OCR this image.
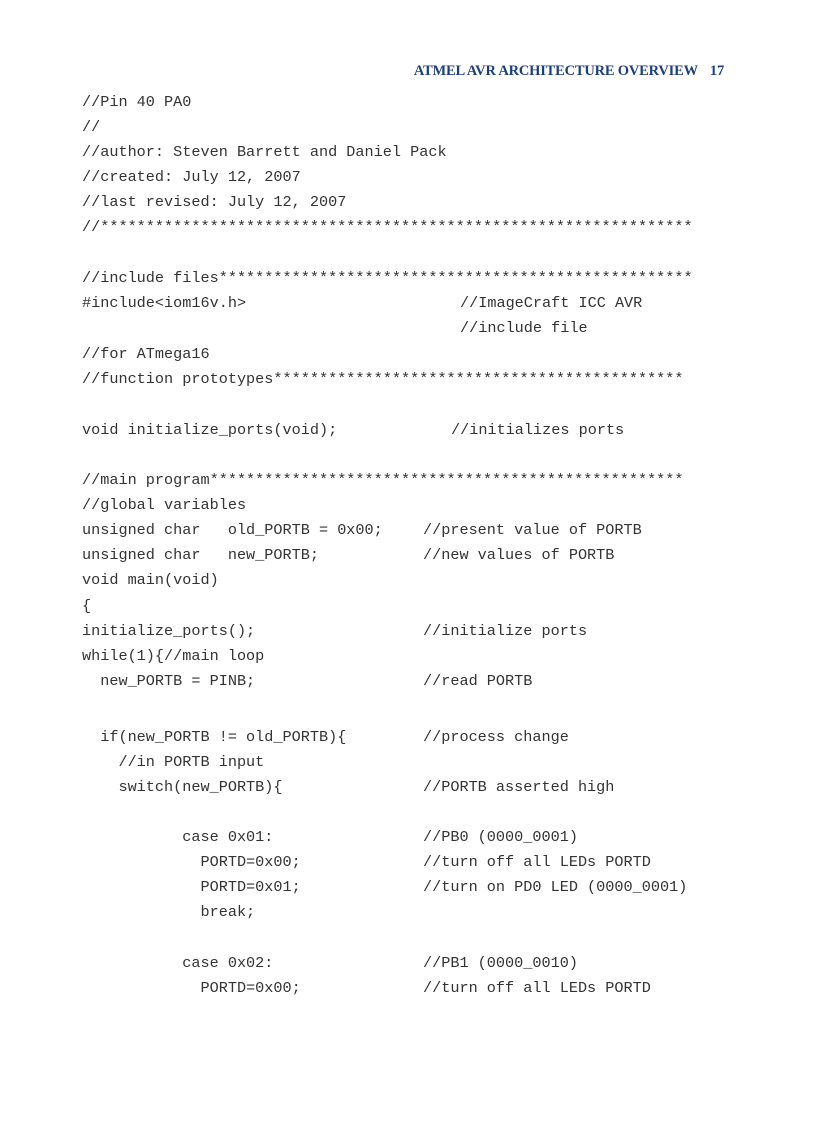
ATMEL AVR ARCHITECTURE OVERVIEW 17
//Pin 40 PA0
//
//author: Steven Barrett and Daniel Pack
//created: July 12, 2007
//last revised: July 12, 2007
//*****************************************************************
//include files****************************************************
#include<iom16v.h>	//ImageCraft ICC AVR
//include file
//for ATmega16
//function prototypes*********************************************
void initialize_ports(void);	//initializes ports
//main program****************************************************
//global variables
unsigned char   old_PORTB = 0x00;	//present value of PORTB
unsigned char   new_PORTB;	//new values of PORTB
void main(void)
{
initialize_ports();	//initialize ports
while(1){//main loop
new_PORTB = PINB;	//read PORTB
if(new_PORTB != old_PORTB){	//process change
//in PORTB input
switch(new_PORTB){	//PORTB asserted high
case 0x01:	//PB0 (0000_0001)
PORTD=0x00;	//turn off all LEDs PORTD
PORTD=0x01;	//turn on PD0 LED (0000_0001)
break;
case 0x02:	//PB1 (0000_0010)
PORTD=0x00;	//turn off all LEDs PORTD
